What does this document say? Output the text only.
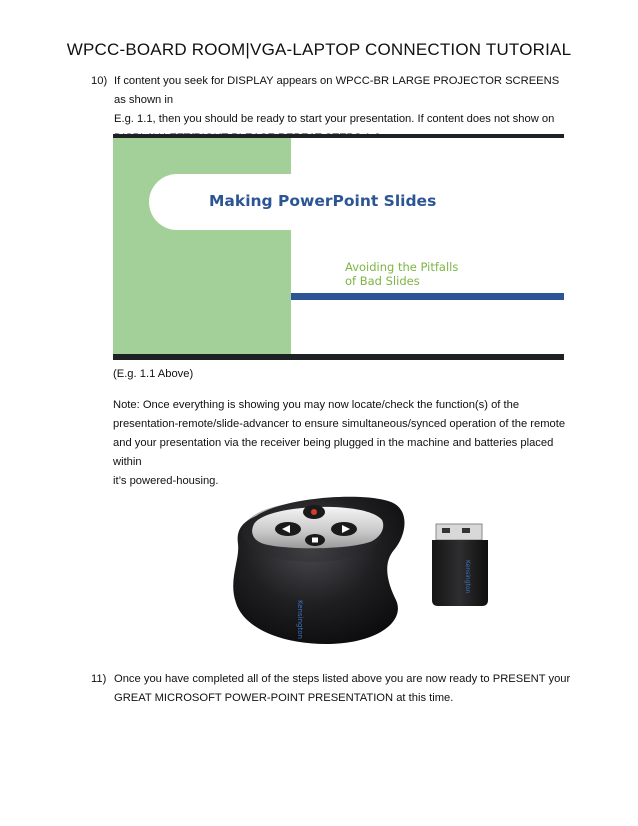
WPCC-BOARD ROOM|VGA-LAPTOP CONNECTION TUTORIAL
10) If content you seek for DISPLAY appears on WPCC-BR LARGE PROJECTOR SCREENS as shown in
E.g. 1.1, then you should be ready to start your presentation. If content does not show on

Making PowerPoint Slides
Avoiding the Pitfalls
of Bad Slides
(E.g. 1.1 Above)
Note: Once everything is showing you may now locate/check the function(s) of the
presentation-remote/slide-advancer to ensure simultaneous/synced operation of the remote
and your presentation via the receiver being plugged in the machine and batteries placed within
it’s powered-housing.
Kensington
Kensington
11) Once you have completed all of the steps listed above you are now ready to PRESENT your
GREAT MICROSOFT POWER-POINT PRESENTATION at this time.
